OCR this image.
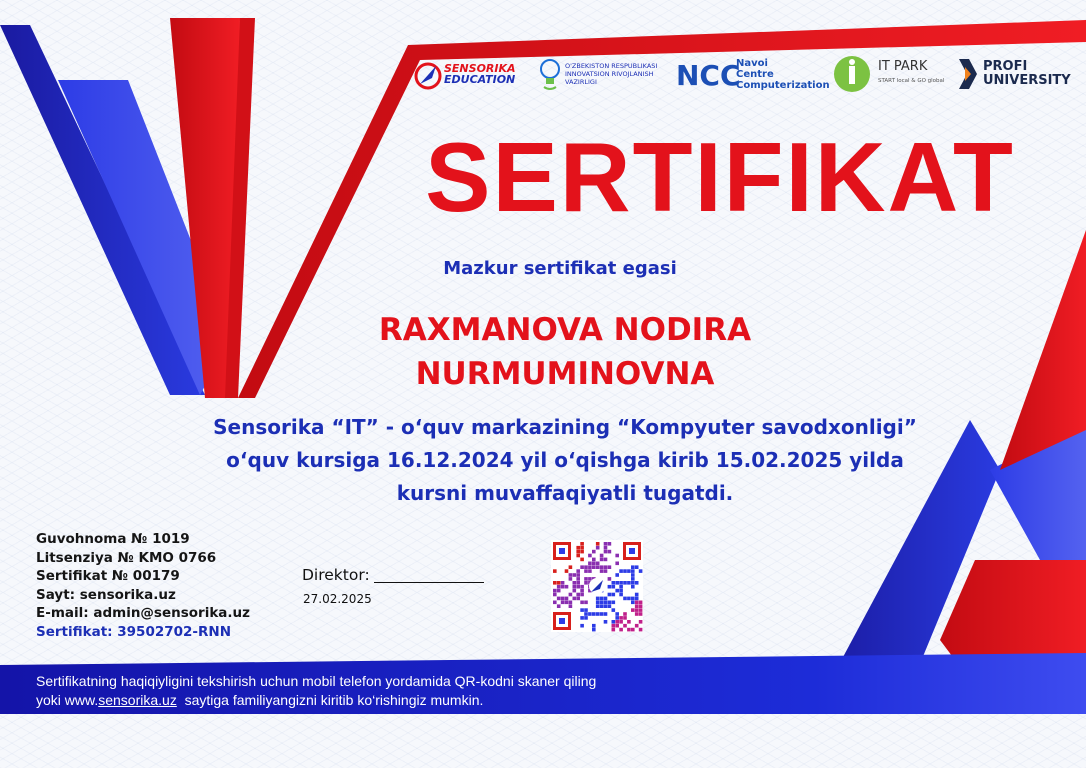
SENSORIKA
EDUCATION
O'ZBEKISTON RESPUBLIKASI
INNOVATSION RIVOJLANISH
VAZIRLIGI	NCC
Navoi
Centre
Computerization
IT PARK
START local & GO global
PROFI
UNIVERSITY
SERTIFIKAT
Mazkur sertifikat egasi
RAXMANOVA NODIRA
NURMUMINOVNA
Sensorika “IT” - o‘quv markazining “Kompyuter savodxonligi”
o‘quv kursiga 16.12.2024 yil o‘qishga kirib 15.02.2025 yilda
kursni muvaffaqiyatli tugatdi.
Guvohnoma № 1019
Litsenziya № KMO 0766
Sertifikat № 00179
Sayt: sensorika.uz
E-mail: admin@sensorika.uz
Sertifikat: 39502702-RNN
Direktor:
27.02.2025
Sertifikatning haqiqiyligini tekshirish uchun mobil telefon yordamida QR-kodni skaner qiling
yoki www.sensorika.uz  saytiga familiyangizni kiritib ko‘rishingiz mumkin.
